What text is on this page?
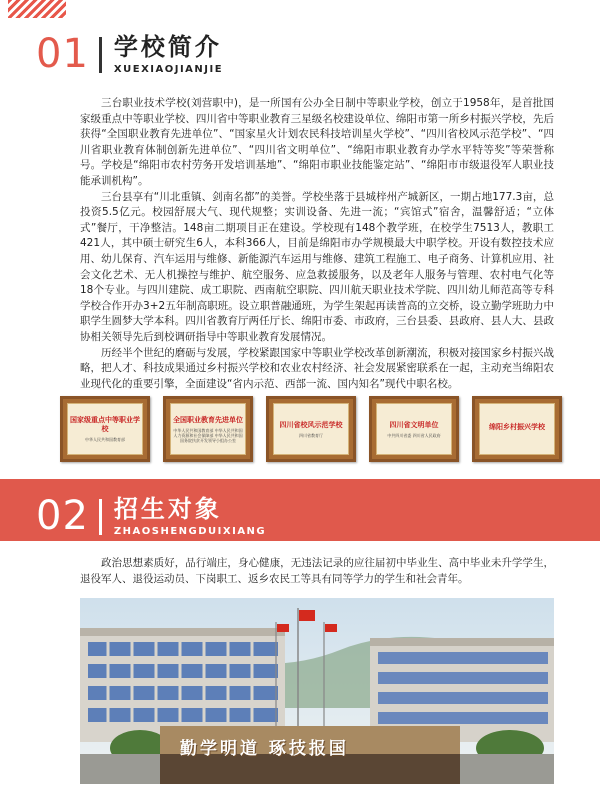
01 学校简介
XUEXIAOJIANJIE

三台职业技术学校(刘营职中)，是一所国有公办全日制中等职业学校，创立于1958年，是首批国家级重点中等职业学校、四川省中等职业教育三星级名校建设单位、绵阳市第一所乡村振兴学校，先后获得“全国职业教育先进单位”、“国家星火计划农民科技培训星火学校”、“四川省校风示范学校”、“四川省职业教育体制创新先进单位”、“四川省文明单位”、“绵阳市职业教育办学水平特等奖”等荣誉称号。学校是“绵阳市农村劳务开发培训基地”、“绵阳市职业技能鉴定站”、“绵阳市市级退役军人职业技能承训机构”。

三台县享有“川北重镇、剑南名都”的美誉。学校坐落于县城梓州产城新区，一期占地177.3亩，总投资5.5亿元。校园舒展大气、现代规整；实训设备、先进一流；“宾馆式”宿舍，温馨舒适；“立体式”餐厅，干净整洁。148亩二期项目正在建设。学校现有148个教学班，在校学生7513人，教职工421人，其中硕士研究生6人，本科366人，目前是绵阳市办学规模最大中职学校。开设有数控技术应用、幼儿保育、汽车运用与维修、新能源汽车运用与维修、建筑工程施工、电子商务、计算机应用、社会文化艺术、无人机操控与维护、航空服务、应急救援服务，以及老年人服务与管理、农村电气化等18个专业。与四川建院、成工职院、西南航空职院、四川航天职业技术学院、四川幼儿师范高等专科学校合作开办3+2五年制高职班。设立职普融通班，为学生架起再读普高的立交桥，设立勤学班助力中职学生圆梦大学本科。四川省教育厅两任厅长、绵阳市委、市政府，三台县委、县政府、县人大、县政协相关领导先后到校调研指导中等职业教育发展情况。

历经半个世纪的磨砺与发展，学校紧跟国家中等职业学校改革创新潮流，积极对接国家乡村振兴战略，把人才、科技成果通过乡村振兴学校和农业农村经济、社会发展紧密联系在一起，主动充当绵阳农业现代化的重要引擎，全面建设“省内示范、西部一流、国内知名”现代中职名校。

国家级重点中等职业学校
中华人民共和国教育部
全国职业教育先进单位
中华人民共和国教育部 中华人民共和国人力资源和社会保障部 中华人民共和国国务院扶贫开发领导小组办公室
四川省校风示范学校
四川省教育厅
四川省文明单位
中共四川省委 四川省人民政府
绵阳乡村振兴学校
02 招生对象
ZHAOSHENGDUIXIANG

政治思想素质好，品行端庄，身心健康，无违法记录的应往届初中毕业生、高中毕业未升学学生，退役军人、退役运动员、下岗职工、返乡农民工等具有同等学力的学生和社会青年。

勤学明道 琢技报国
